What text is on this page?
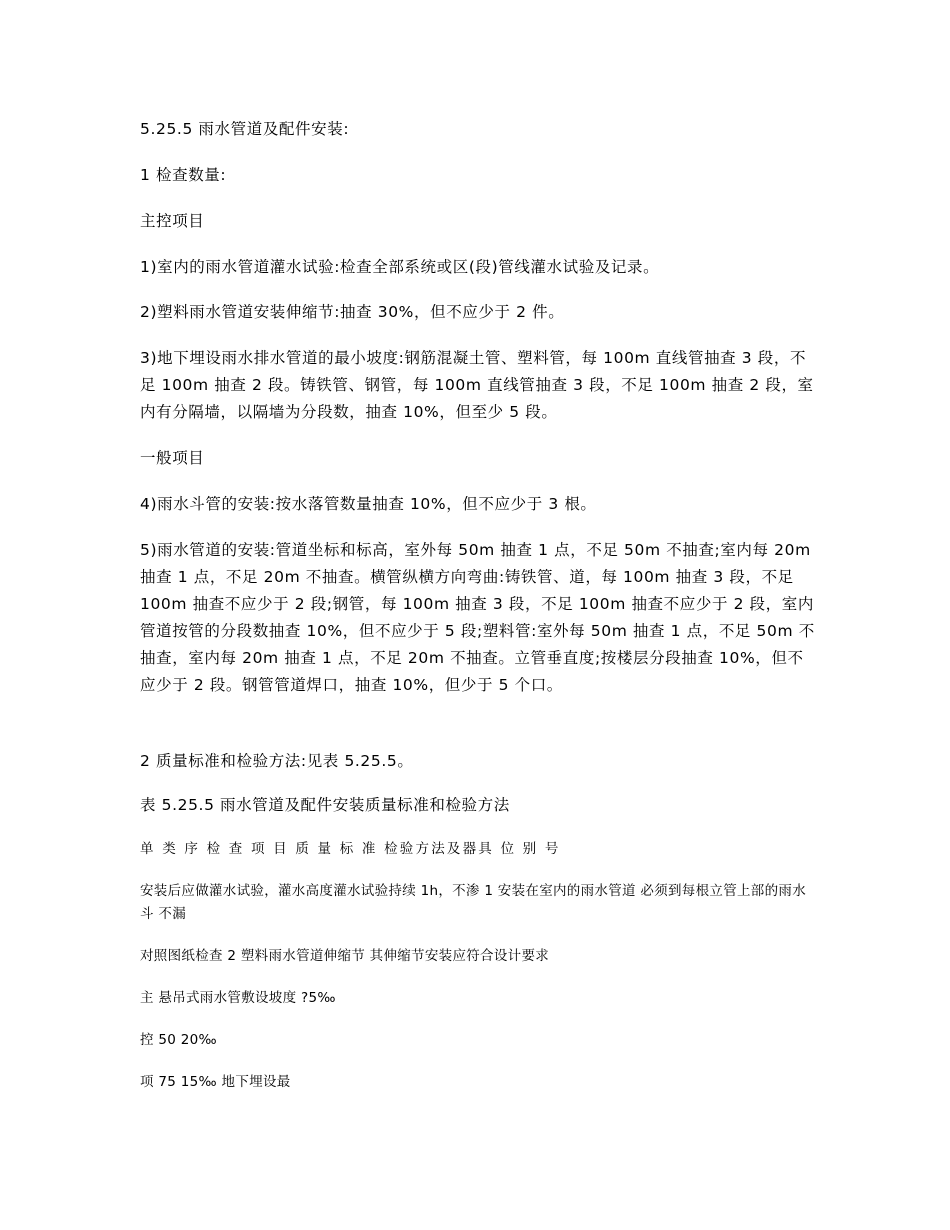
5.25.5 雨水管道及配件安装:

1 检查数量:

主控项目

1)室内的雨水管道灌水试验:检查全部系统或区(段)管线灌水试验及记录。

2)塑料雨水管道安装伸缩节:抽查 30%，但不应少于 2 件。

3)地下埋设雨水排水管道的最小坡度:钢筋混凝土管、塑料管，每 100m 直线管抽查 3 段，不足 100m 抽查 2 段。铸铁管、钢管，每 100m 直线管抽查 3 段，不足 100m 抽查 2 段，室内有分隔墙，以隔墙为分段数，抽查 10%，但至少 5 段。

一般项目

4)雨水斗管的安装:按水落管数量抽查 10%，但不应少于 3 根。

5)雨水管道的安装:管道坐标和标高，室外每 50m 抽查 1 点，不足 50m 不抽查;室内每 20m 抽查 1 点，不足 20m 不抽查。横管纵横方向弯曲:铸铁管、道，每 100m 抽查 3 段，不足 100m 抽查不应少于 2 段;钢管，每 100m 抽查 3 段，不足 100m 抽查不应少于 2 段，室内管道按管的分段数抽查 10%，但不应少于 5 段;塑料管:室外每 50m 抽查 1 点，不足 50m 不抽查，室内每 20m 抽查 1 点，不足 20m 不抽查。立管垂直度;按楼层分段抽查 10%，但不应少于 2 段。钢管管道焊口，抽查 10%，但少于 5 个口。

2 质量标准和检验方法:见表 5.25.5。

表 5.25.5 雨水管道及配件安装质量标准和检验方法

单 类 序 检 查 项 目 质 量 标 准 检验方法及器具 位 别 号

安装后应做灌水试验，灌水高度灌水试验持续 1h，不渗 1 安装在室内的雨水管道 必须到每根立管上部的雨水斗 不漏

对照图纸检查 2 塑料雨水管道伸缩节 其伸缩节安装应符合设计要求

主 悬吊式雨水管敷设坡度 ?5‰

控 50 20‰

项 75 15‰ 地下埋设最
